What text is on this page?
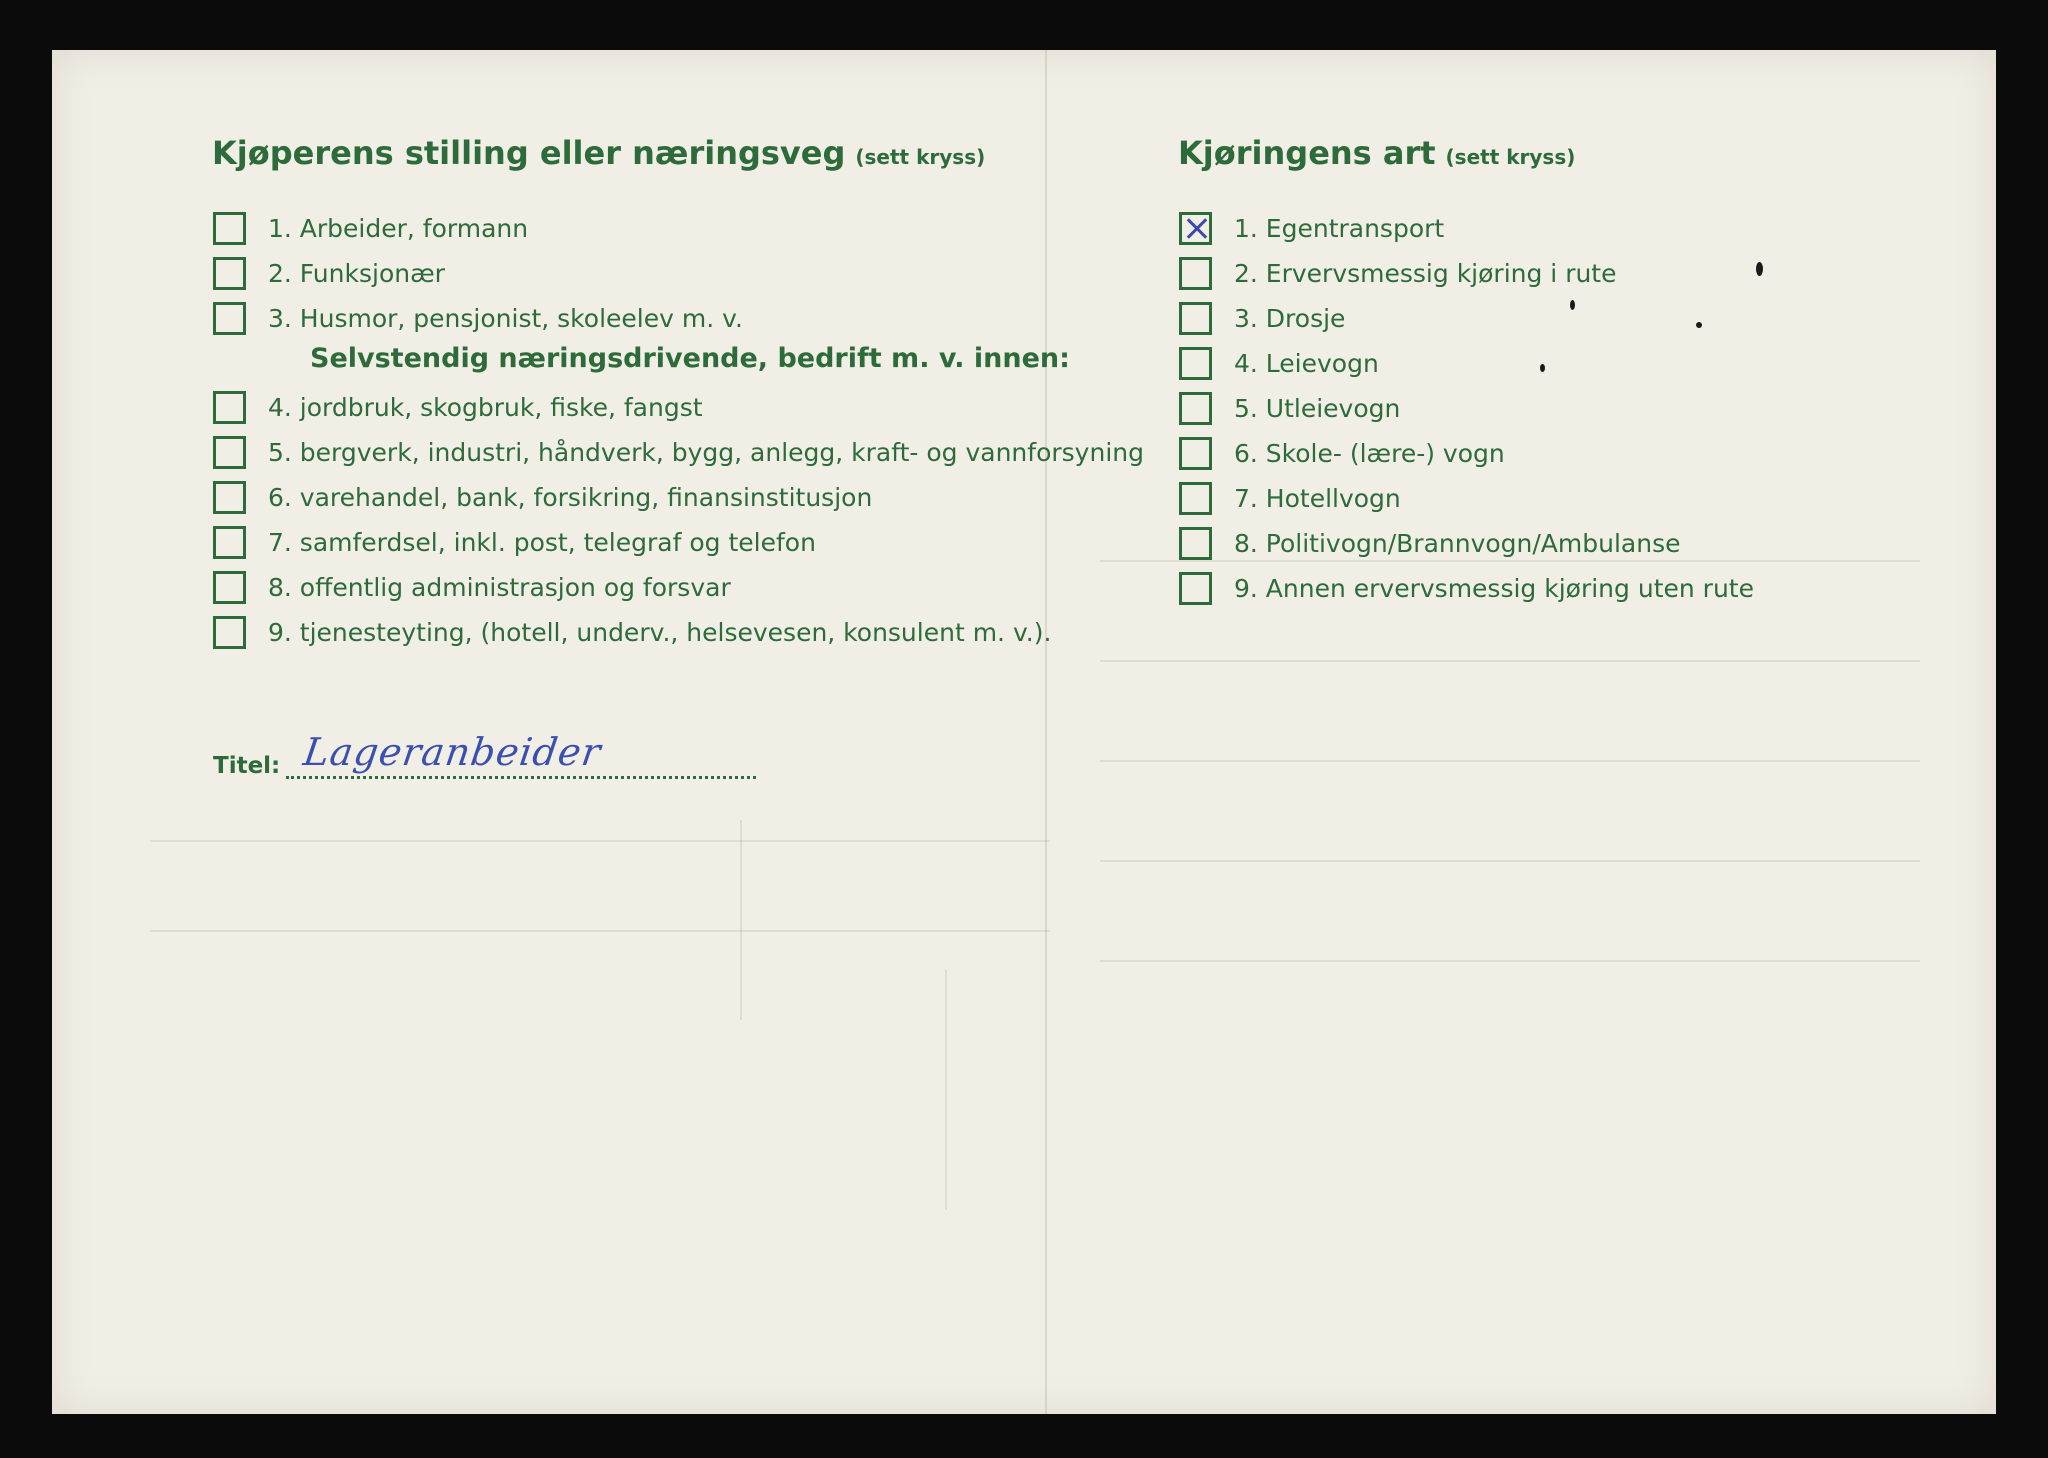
Kjøperens stilling eller næringsveg (sett kryss)
1. Arbeider, formann
2. Funksjonær
3. Husmor, pensjonist, skoleelev m. v.
Selvstendig næringsdrivende, bedrift m. v. innen:
4. jordbruk, skogbruk, fiske, fangst
5. bergverk, industri, håndverk, bygg, anlegg, kraft- og vannforsyning
6. varehandel, bank, forsikring, finansinstitusjon
7. samferdsel, inkl. post, telegraf og telefon
8. offentlig administrasjon og forsvar
9. tjenesteyting, (hotell, underv., helsevesen, konsulent m. v.).
Titel: Lageranbeider
Kjøringens art (sett kryss)
1. Egentransport
2. Ervervsmessig kjøring i rute
3. Drosje
4. Leievogn
5. Utleievogn
6. Skole- (lære-) vogn
7. Hotellvogn
8. Politivogn/Brannvogn/Ambulanse
9. Annen ervervsmessig kjøring uten rute
